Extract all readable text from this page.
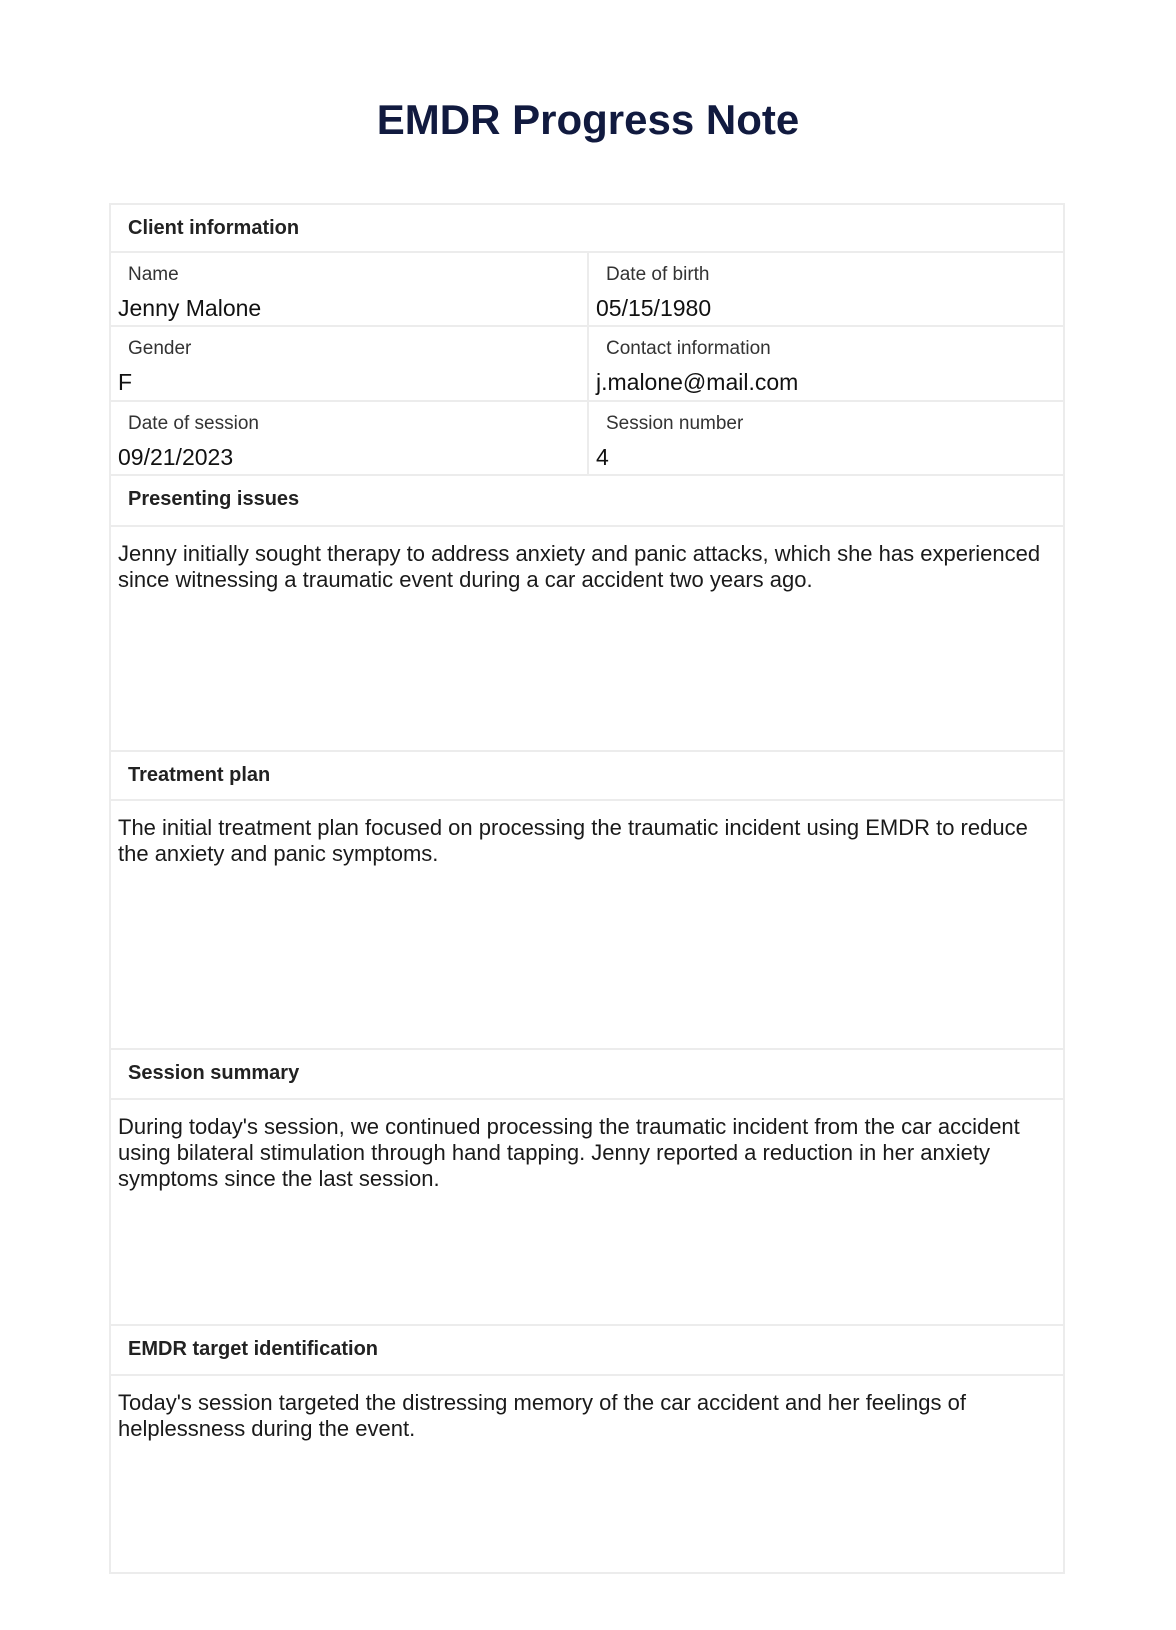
EMDR Progress Note
Client information
Name
Jenny Malone
Date of birth
05/15/1980
Gender
F
Contact information
j.malone@mail.com
Date of session
09/21/2023
Session number
4
Presenting issues
Jenny initially sought therapy to address anxiety and panic attacks, which she has experienced since witnessing a traumatic event during a car accident two years ago.
Treatment plan
The initial treatment plan focused on processing the traumatic incident using EMDR to reduce the anxiety and panic symptoms.
Session summary
During today's session, we continued processing the traumatic incident from the car accident using bilateral stimulation through hand tapping. Jenny reported a reduction in her anxiety symptoms since the last session.
EMDR target identification
Today's session targeted the distressing memory of the car accident and her feelings of helplessness during the event.
